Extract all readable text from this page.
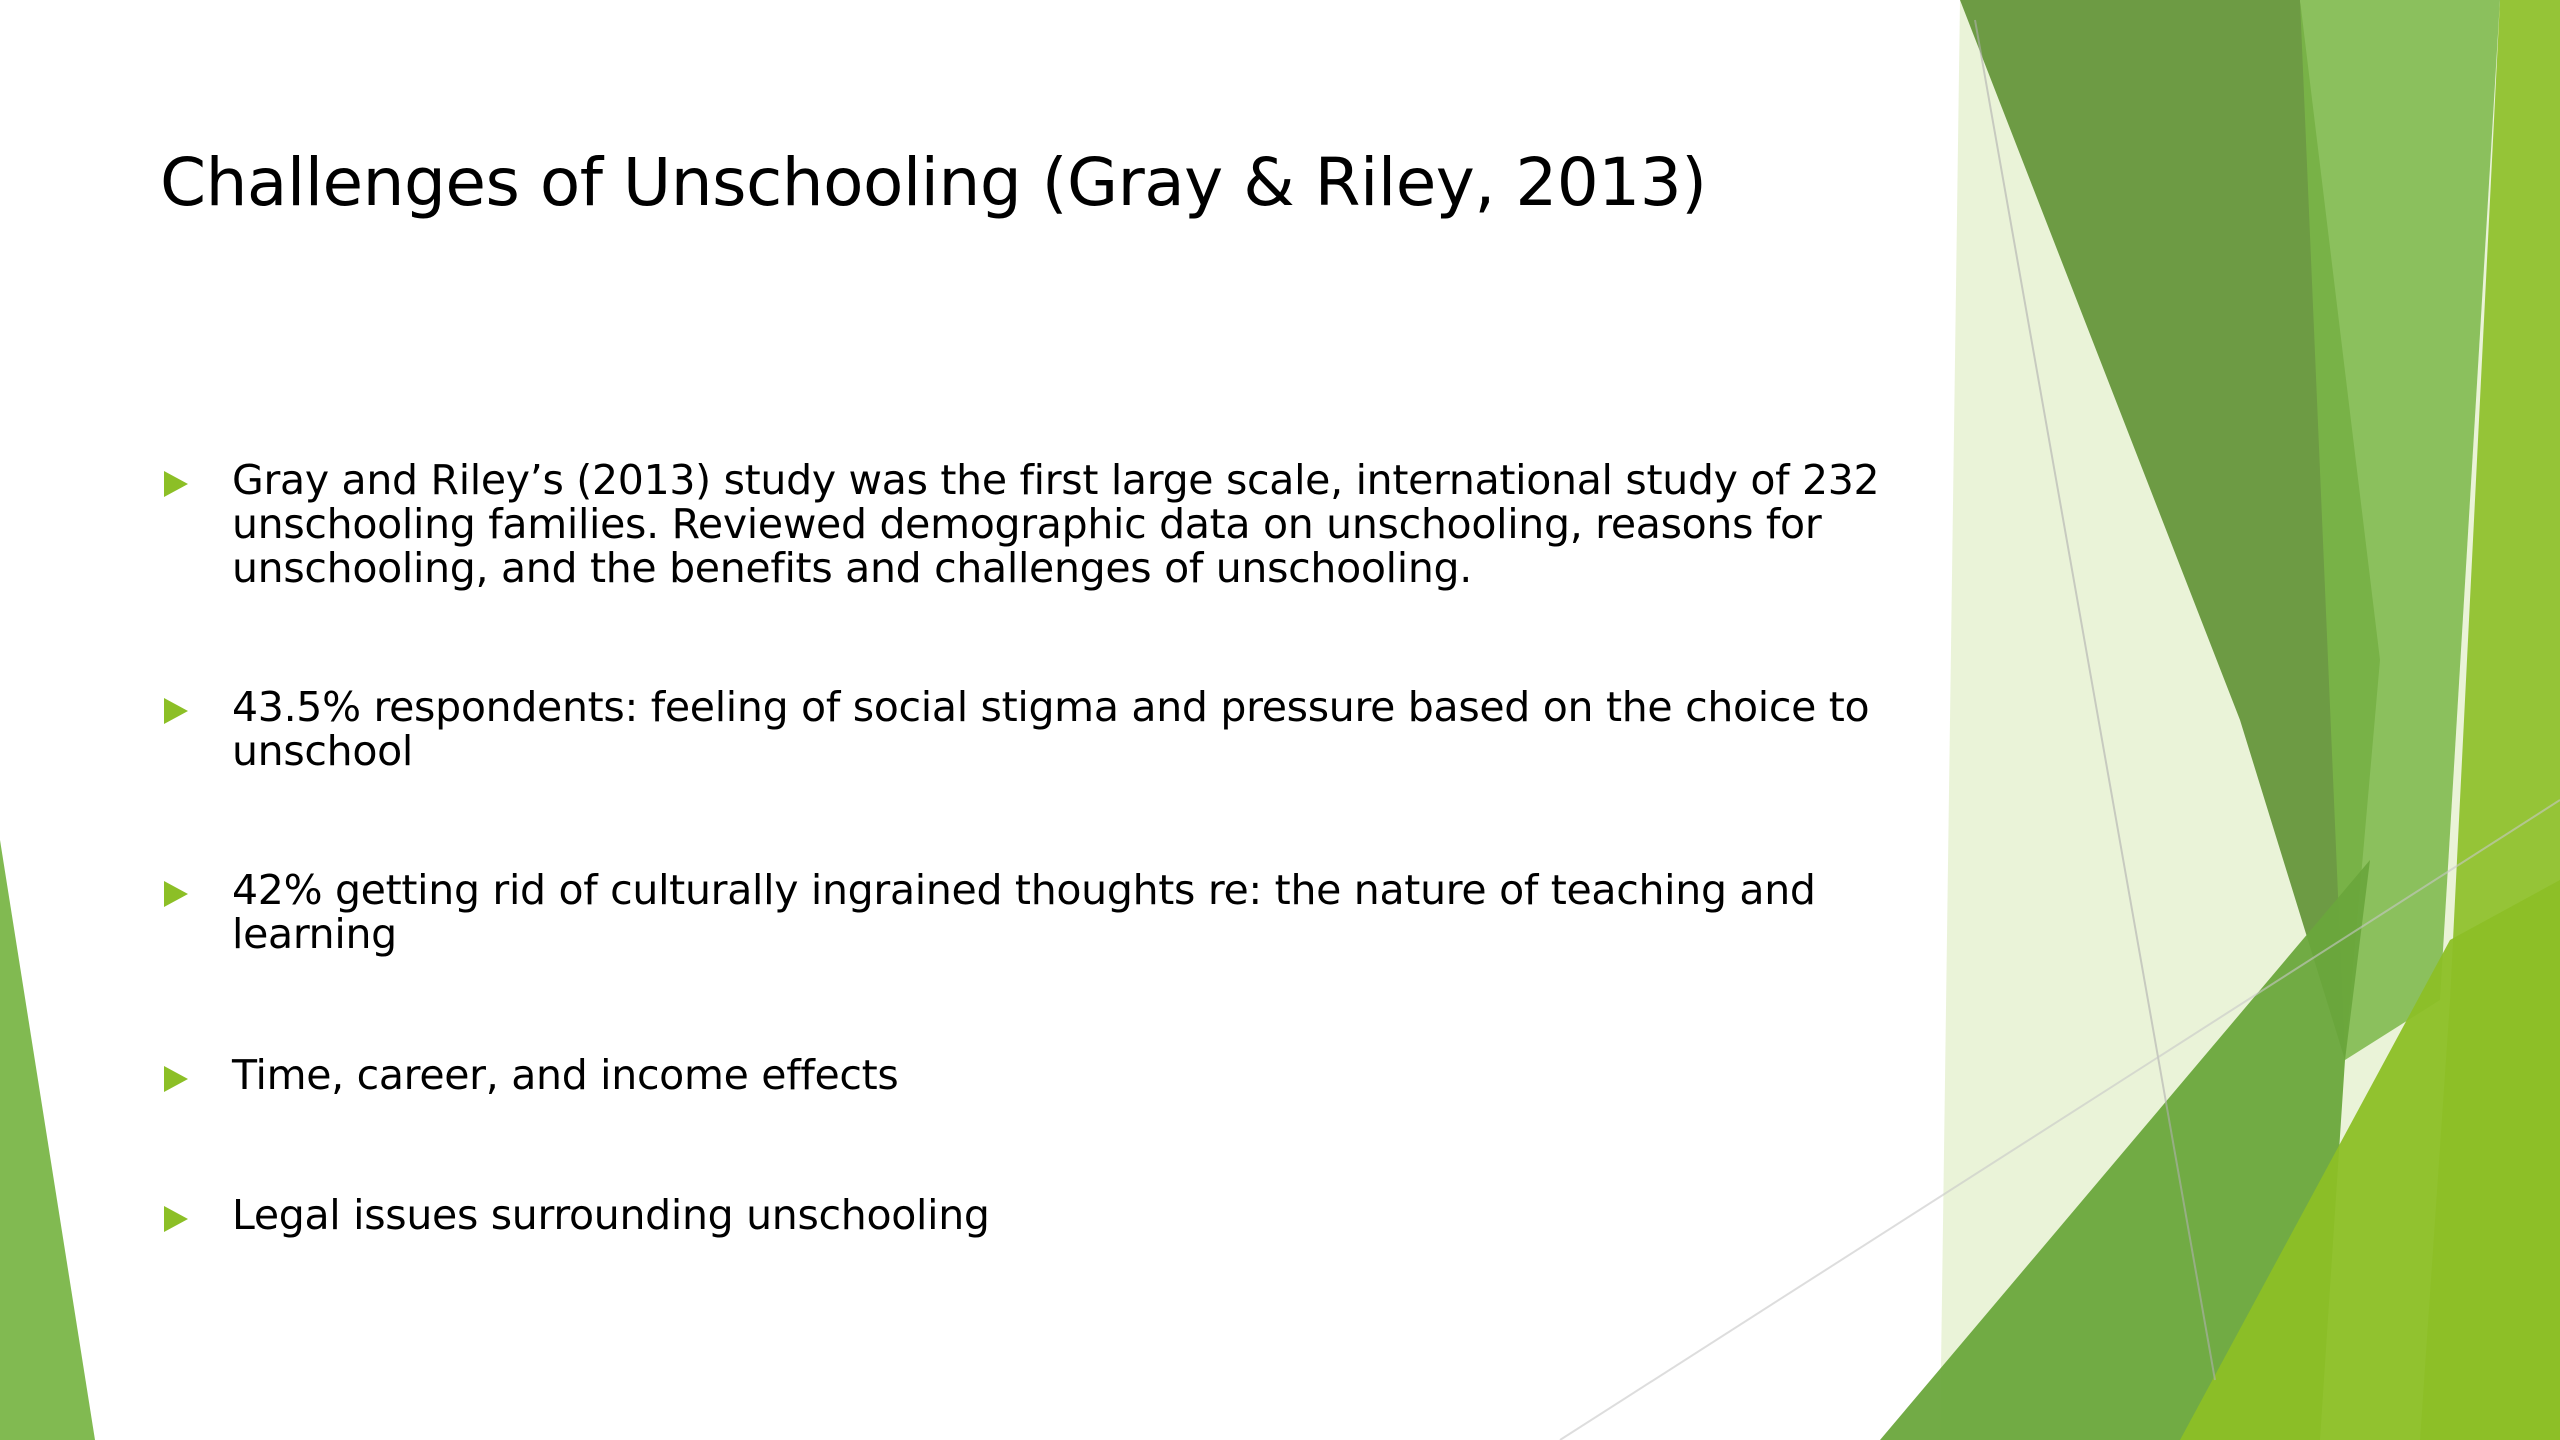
Challenges of Unschooling (Gray & Riley, 2013)
Gray and Riley’s (2013) study was the first large scale, international study of 232 unschooling families. Reviewed demographic data on unschooling, reasons for unschooling, and the benefits and challenges of unschooling.
43.5% respondents: feeling of social stigma and pressure based on the choice to unschool
42% getting rid of culturally ingrained thoughts re: the nature of teaching and learning
Time, career, and income effects
Legal issues surrounding unschooling
